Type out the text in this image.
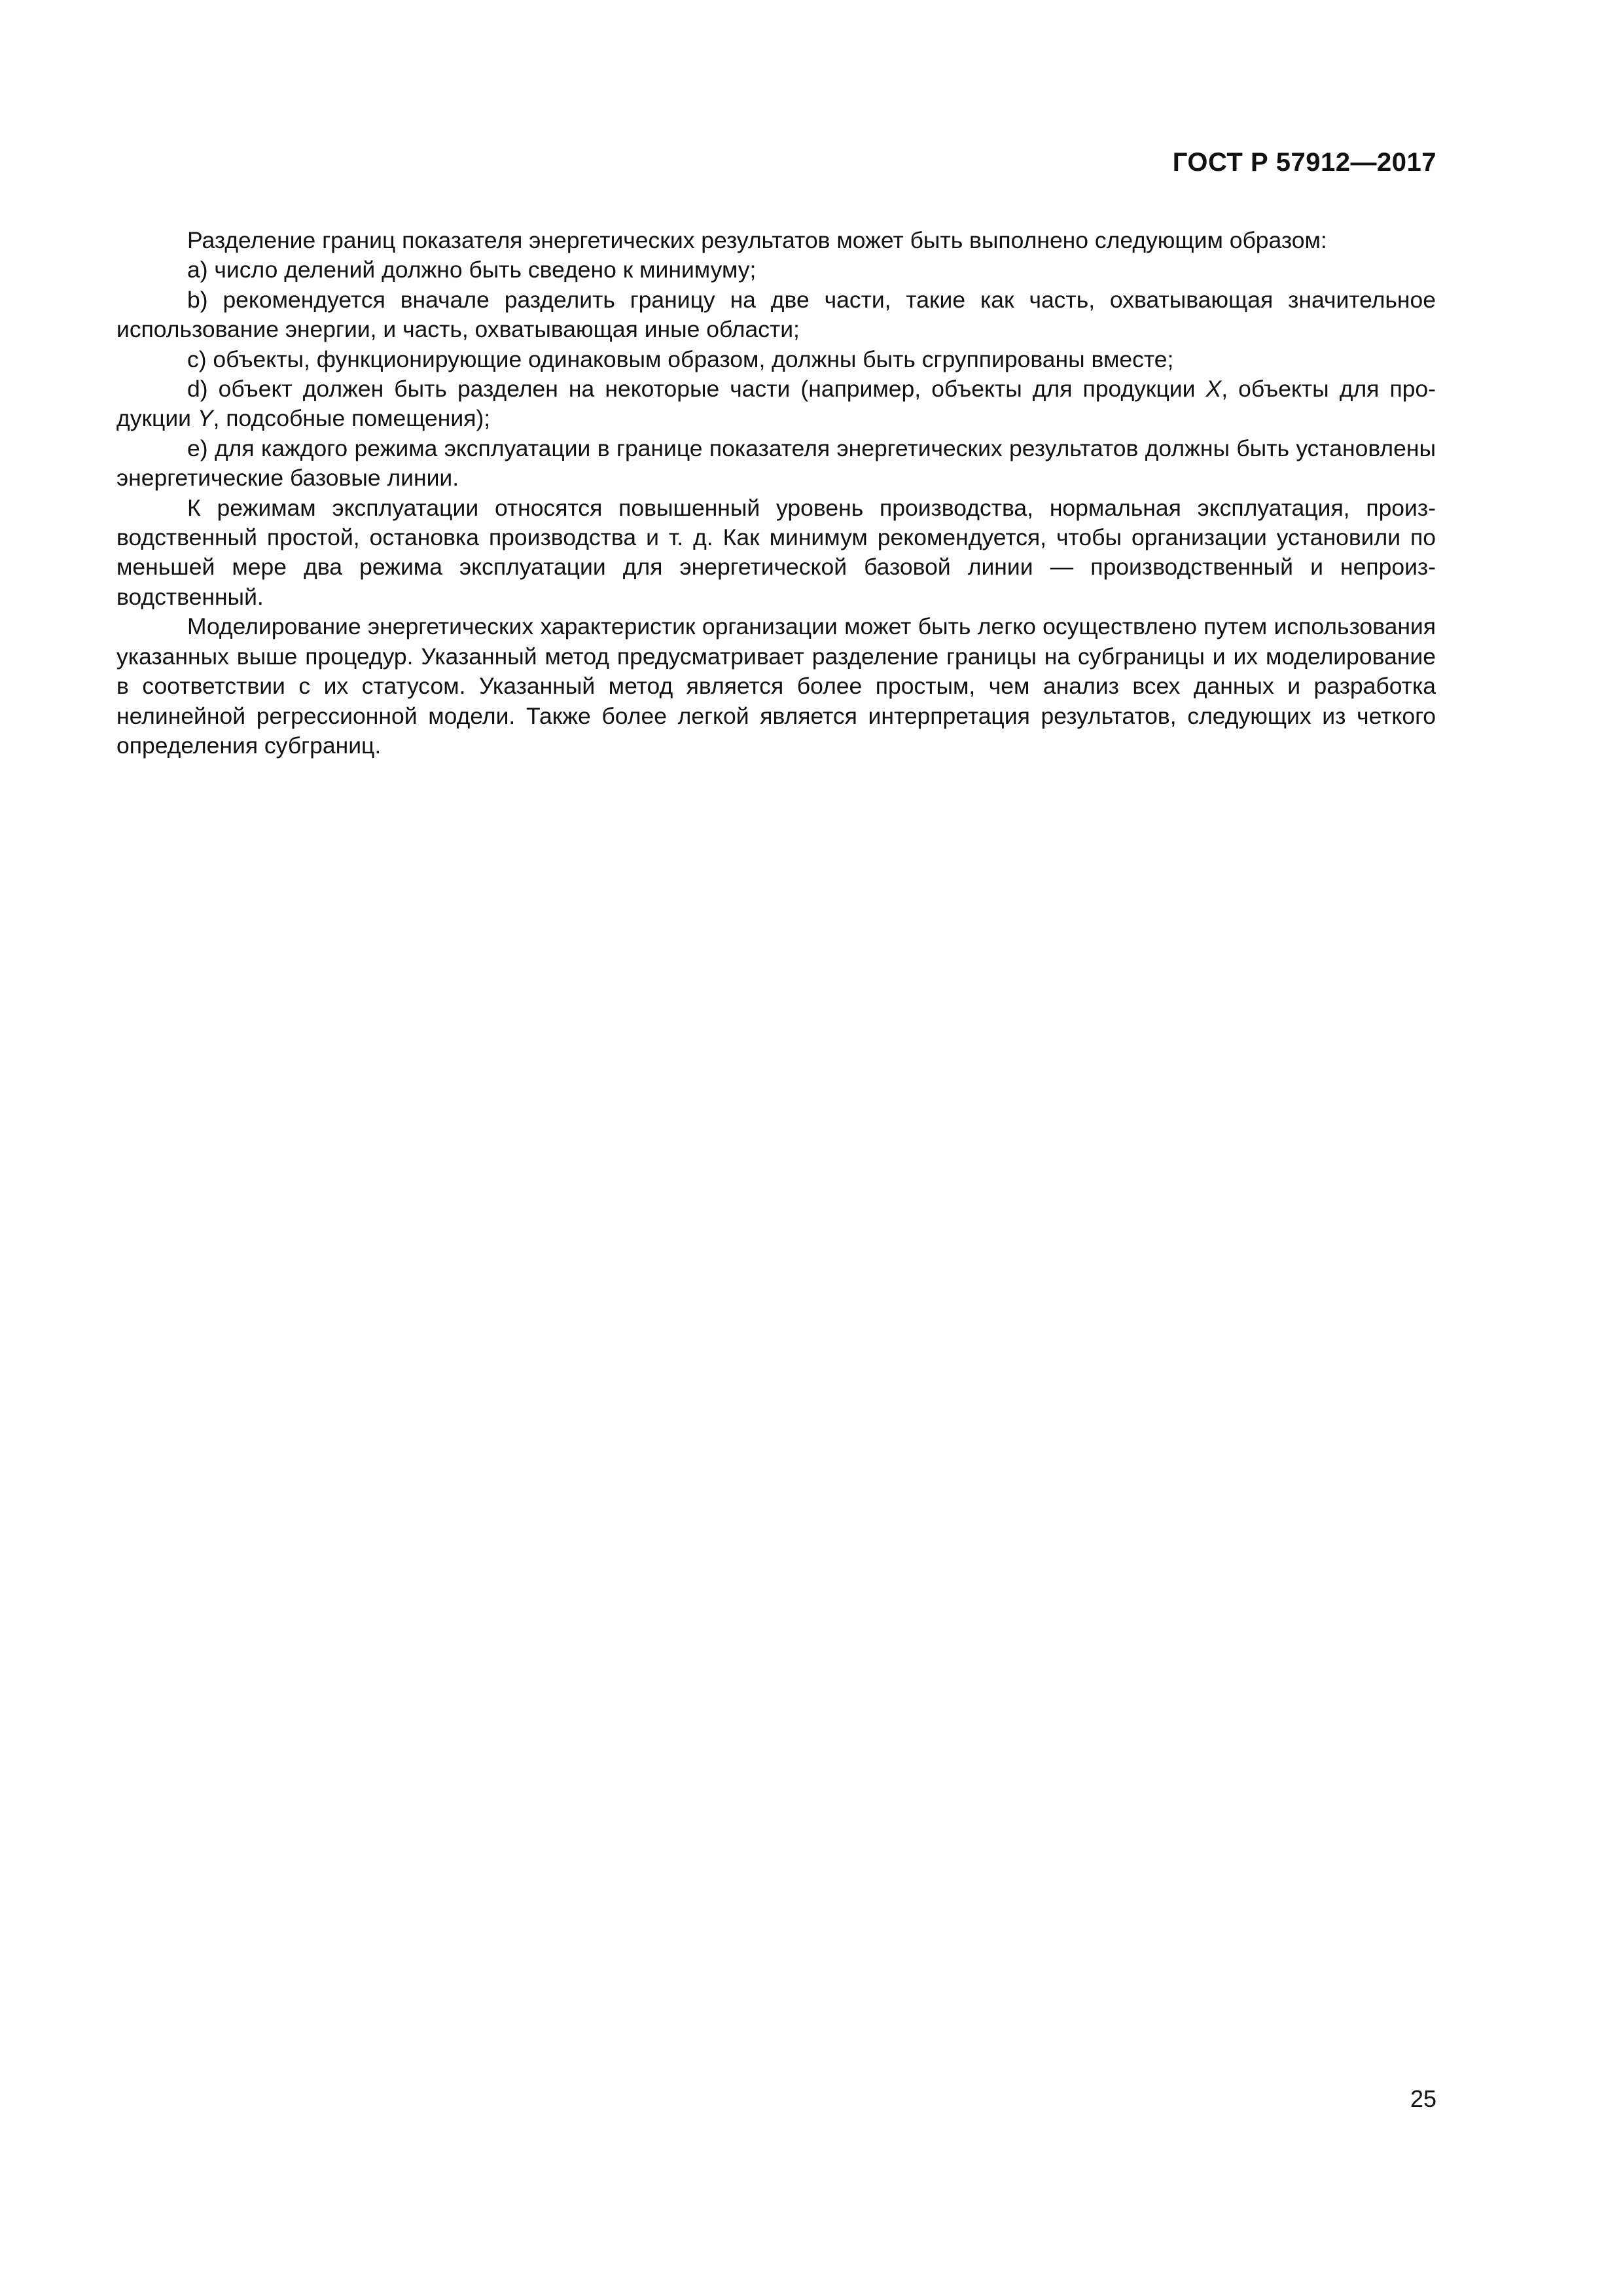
ГОСТ Р 57912—2017

Разделение границ показателя энергетических результатов может быть выполнено следующим образом:

a) число делений должно быть сведено к минимуму;

b) рекомендуется вначале разделить границу на две части, такие как часть, охватывающая значительное использование энергии, и часть, охватывающая иные области;

c) объекты, функционирующие одинаковым образом, должны быть сгруппированы вместе;

d) объект должен быть разделен на некоторые части (например, объекты для продукции X, объекты для продукции Y, подсобные помещения);

e) для каждого режима эксплуатации в границе показателя энергетических результатов должны быть установлены энергетические базовые линии.

К режимам эксплуатации относятся повышенный уровень производства, нормальная эксплуатация, производственный простой, остановка производства и т. д. Как минимум рекомендуется, чтобы организации установили по меньшей мере два режима эксплуатации для энергетической базовой линии — производственный и непроизводственный.

Моделирование энергетических характеристик организации может быть легко осуществлено путем использования указанных выше процедур. Указанный метод предусматривает разделение границы на субграницы и их моделирование в соответствии с их статусом. Указанный метод является более простым, чем анализ всех данных и разработка нелинейной регрессионной модели. Также более легкой является интерпретация результатов, следующих из четкого определения субграниц.

25
